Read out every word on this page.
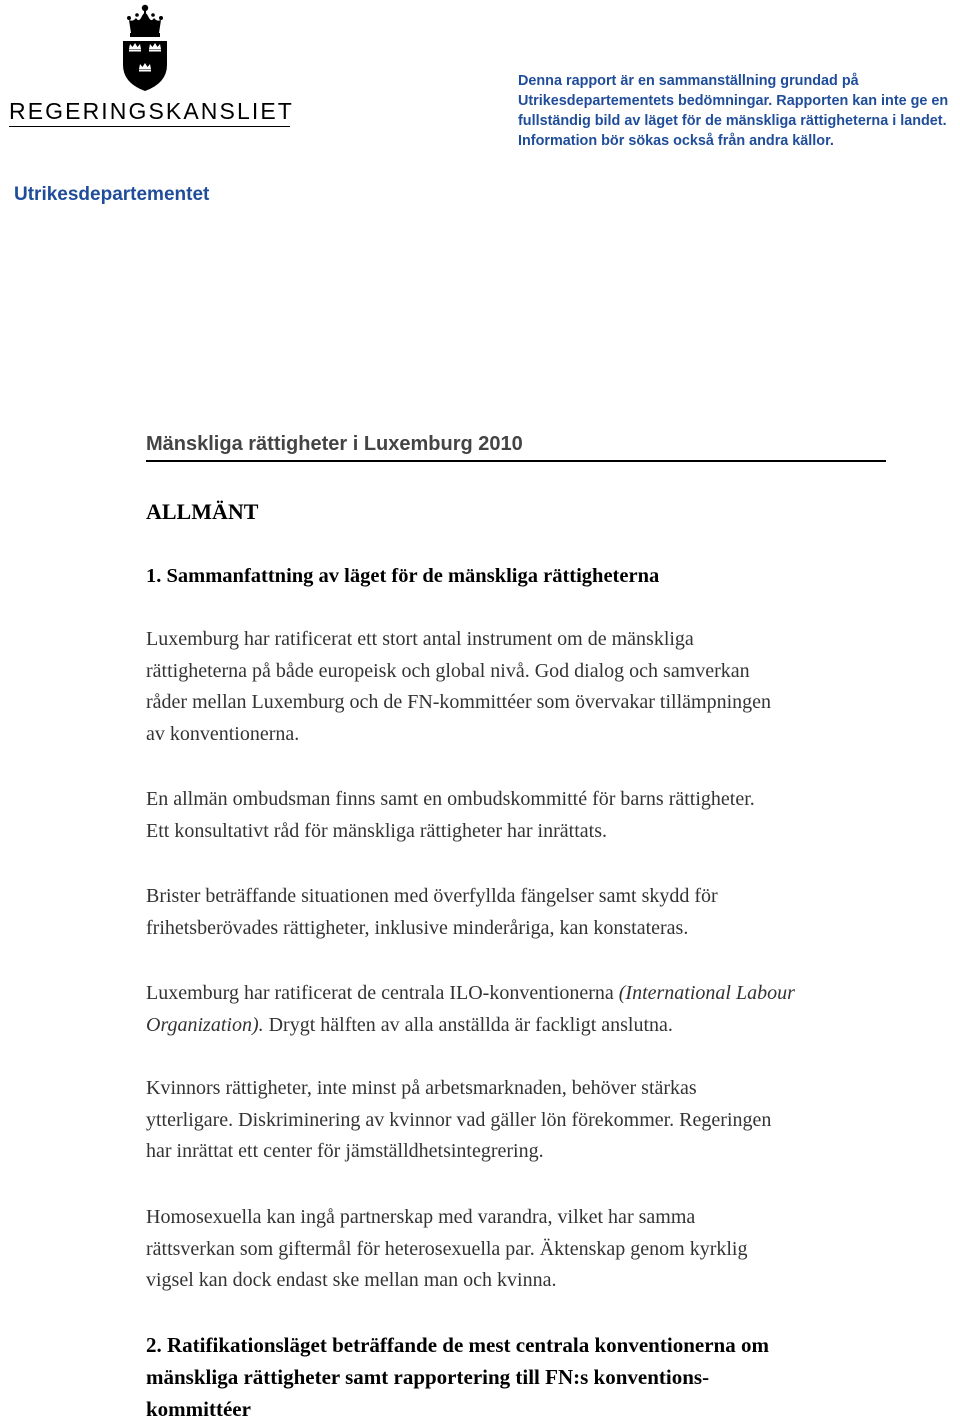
REGERINGSKANSLIET
Denna rapport är en sammanställning grundad på
Utrikesdepartementets bedömningar. Rapporten kan inte ge en
fullständig bild av läget för de mänskliga rättigheterna i landet.
Information bör sökas också från andra källor.
Utrikesdepartementet
Mänskliga rättigheter i Luxemburg 2010
ALLMÄNT
1. Sammanfattning av läget för de mänskliga rättigheterna
Luxemburg har ratificerat ett stort antal instrument om de mänskliga
rättigheterna på både europeisk och global nivå. God dialog och samverkan
råder mellan Luxemburg och de FN-kommittéer som övervakar tillämpningen
av konventionerna.
En allmän ombudsman finns samt en ombudskommitté för barns rättigheter.
Ett konsultativt råd för mänskliga rättigheter har inrättats.
Brister beträffande situationen med överfyllda fängelser samt skydd för
frihetsberövades rättigheter, inklusive minderåriga, kan konstateras.
Luxemburg har ratificerat de centrala ILO-konventionerna (International Labour
Organization). Drygt hälften av alla anställda är fackligt anslutna.
Kvinnors rättigheter, inte minst på arbetsmarknaden, behöver stärkas
ytterligare. Diskriminering av kvinnor vad gäller lön förekommer. Regeringen
har inrättat ett center för jämställdhetsintegrering.
Homosexuella kan ingå partnerskap med varandra, vilket har samma
rättsverkan som giftermål för heterosexuella par. Äktenskap genom kyrklig
vigsel kan dock endast ske mellan man och kvinna.
2. Ratifikationsläget beträffande de mest centrala konventionerna om
mänskliga rättigheter samt rapportering till FN:s konventions-
kommittéer
